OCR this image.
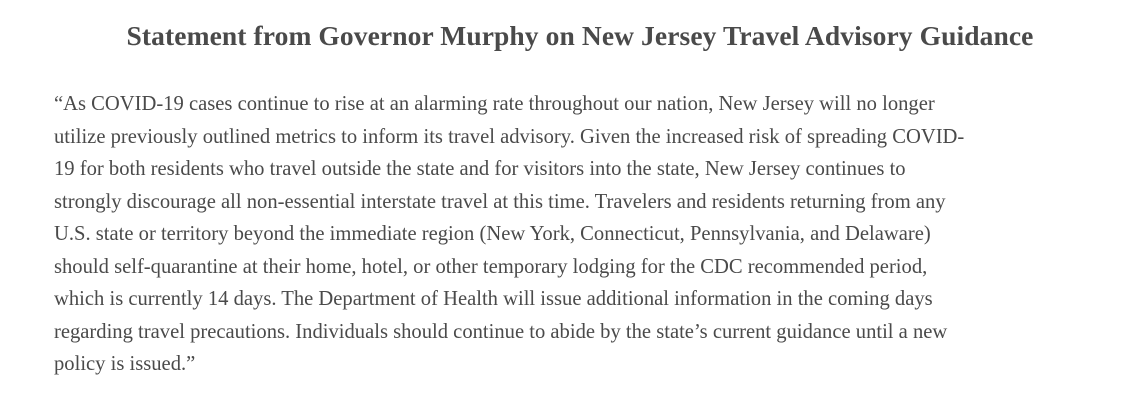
Statement from Governor Murphy on New Jersey Travel Advisory Guidance

“As COVID-19 cases continue to rise at an alarming rate throughout our nation, New Jersey will no longer
utilize previously outlined metrics to inform its travel advisory. Given the increased risk of spreading COVID-
19 for both residents who travel outside the state and for visitors into the state, New Jersey continues to
strongly discourage all non-essential interstate travel at this time. Travelers and residents returning from any
U.S. state or territory beyond the immediate region (New York, Connecticut, Pennsylvania, and Delaware)
should self-quarantine at their home, hotel, or other temporary lodging for the CDC recommended period,
which is currently 14 days. The Department of Health will issue additional information in the coming days
regarding travel precautions. Individuals should continue to abide by the state’s current guidance until a new
policy is issued.”
